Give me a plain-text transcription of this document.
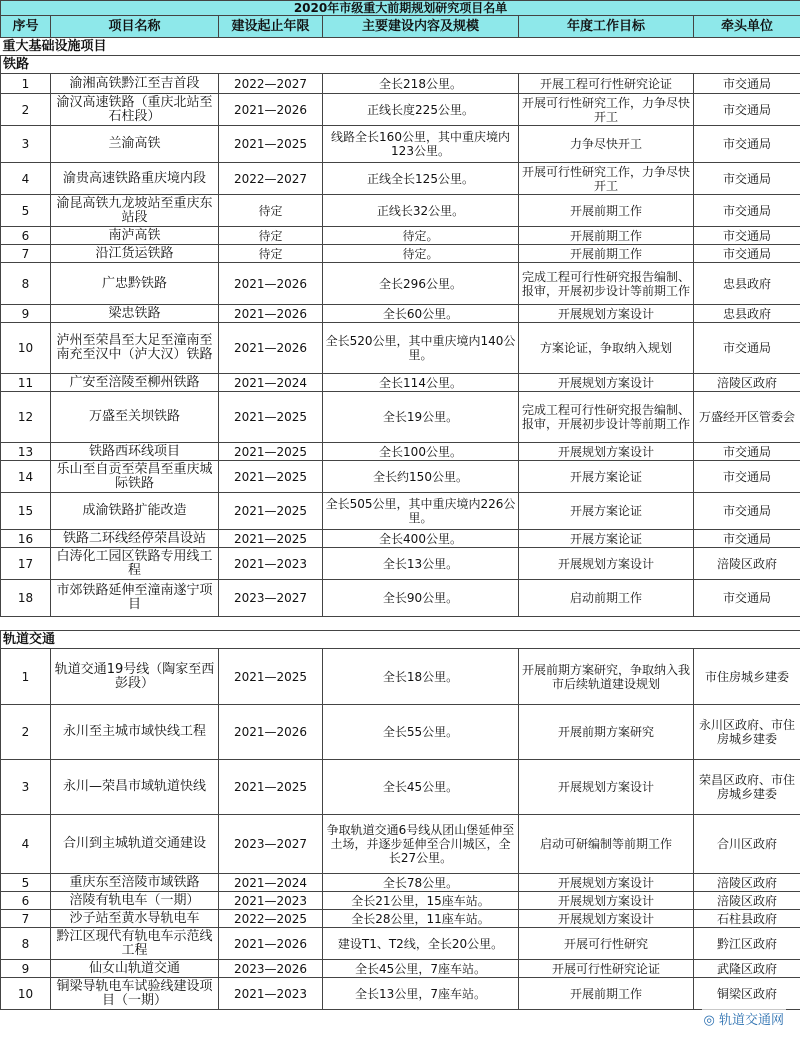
2020年市级重大前期规划研究项目名单					
序号	项目名称	建设起止年限	主要建设内容及规模	年度工作目标	牵头单位
重大基础设施项目					
铁路					
1	渝湘高铁黔江至吉首段	2022—2027	全长218公里。	开展工程可行性研究论证	市交通局
2	渝汉高速铁路（重庆北站至石柱段）	2021—2026	正线长度225公里。	开展可行性研究工作，力争尽快开工	市交通局
3	兰渝高铁	2021—2025	线路全长160公里，其中重庆境内123公里。	力争尽快开工	市交通局
4	渝贵高速铁路重庆境内段	2022—2027	正线全长125公里。	开展可行性研究工作，力争尽快开工	市交通局
5	渝昆高铁九龙坡站至重庆东站段	待定	正线长32公里。	开展前期工作	市交通局
6	南泸高铁	待定	待定。	开展前期工作	市交通局
7	沿江货运铁路	待定	待定。	开展前期工作	市交通局
8	广忠黔铁路	2021—2026	全长296公里。	完成工程可行性研究报告编制、报审，开展初步设计等前期工作	忠县政府
9	梁忠铁路	2021—2026	全长60公里。	开展规划方案设计	忠县政府
10	泸州至荣昌至大足至潼南至南充至汉中（泸大汉）铁路	2021—2026	全长520公里，其中重庆境内140公里。	方案论证，争取纳入规划	市交通局
11	广安至涪陵至柳州铁路	2021—2024	全长114公里。	开展规划方案设计	涪陵区政府
12	万盛至关坝铁路	2021—2025	全长19公里。	完成工程可行性研究报告编制、报审，开展初步设计等前期工作	万盛经开区管委会
13	铁路西环线项目	2021—2025	全长100公里。	开展规划方案设计	市交通局
14	乐山至自贡至荣昌至重庆城际铁路	2021—2025	全长约150公里。	开展方案论证	市交通局
15	成渝铁路扩能改造	2021—2025	全长505公里，其中重庆境内226公里。	开展方案论证	市交通局
16	铁路二环线经停荣昌设站	2021—2025	全长400公里。	开展方案论证	市交通局
17	白涛化工园区铁路专用线工程	2021—2023	全长13公里。	开展规划方案设计	涪陵区政府
18	市郊铁路延伸至潼南遂宁项目	2023—2027	全长90公里。	启动前期工作	市交通局

轨道交通					
1	轨道交通19号线（陶家至西彭段）	2021—2025	全长18公里。	开展前期方案研究，争取纳入我市后续轨道建设规划	市住房城乡建委
2	永川至主城市域快线工程	2021—2026	全长55公里。	开展前期方案研究	永川区政府、市住房城乡建委
3	永川—荣昌市域轨道快线	2021—2025	全长45公里。	开展规划方案设计	荣昌区政府、市住房城乡建委
4	合川到主城轨道交通建设	2023—2027	争取轨道交通6号线从团山堡延伸至土场，并逐步延伸至合川城区，全长27公里。	启动可研编制等前期工作	合川区政府
5	重庆东至涪陵市域铁路	2021—2024	全长78公里。	开展规划方案设计	涪陵区政府
6	涪陵有轨电车（一期）	2021—2023	全长21公里，15座车站。	开展规划方案设计	涪陵区政府
7	沙子站至黄水导轨电车	2022—2025	全长28公里，11座车站。	开展规划方案设计	石柱县政府
8	黔江区现代有轨电车示范线工程	2021—2026	建设T1、T2线，全长20公里。	开展可行性研究	黔江区政府
9	仙女山轨道交通	2023—2026	全长45公里，7座车站。	开展可行性研究论证	武隆区政府
10	铜梁导轨电车试验线建设项目（一期）	2021—2023	全长13公里，7座车站。	开展前期工作	铜梁区政府
◎ 轨道交通网
